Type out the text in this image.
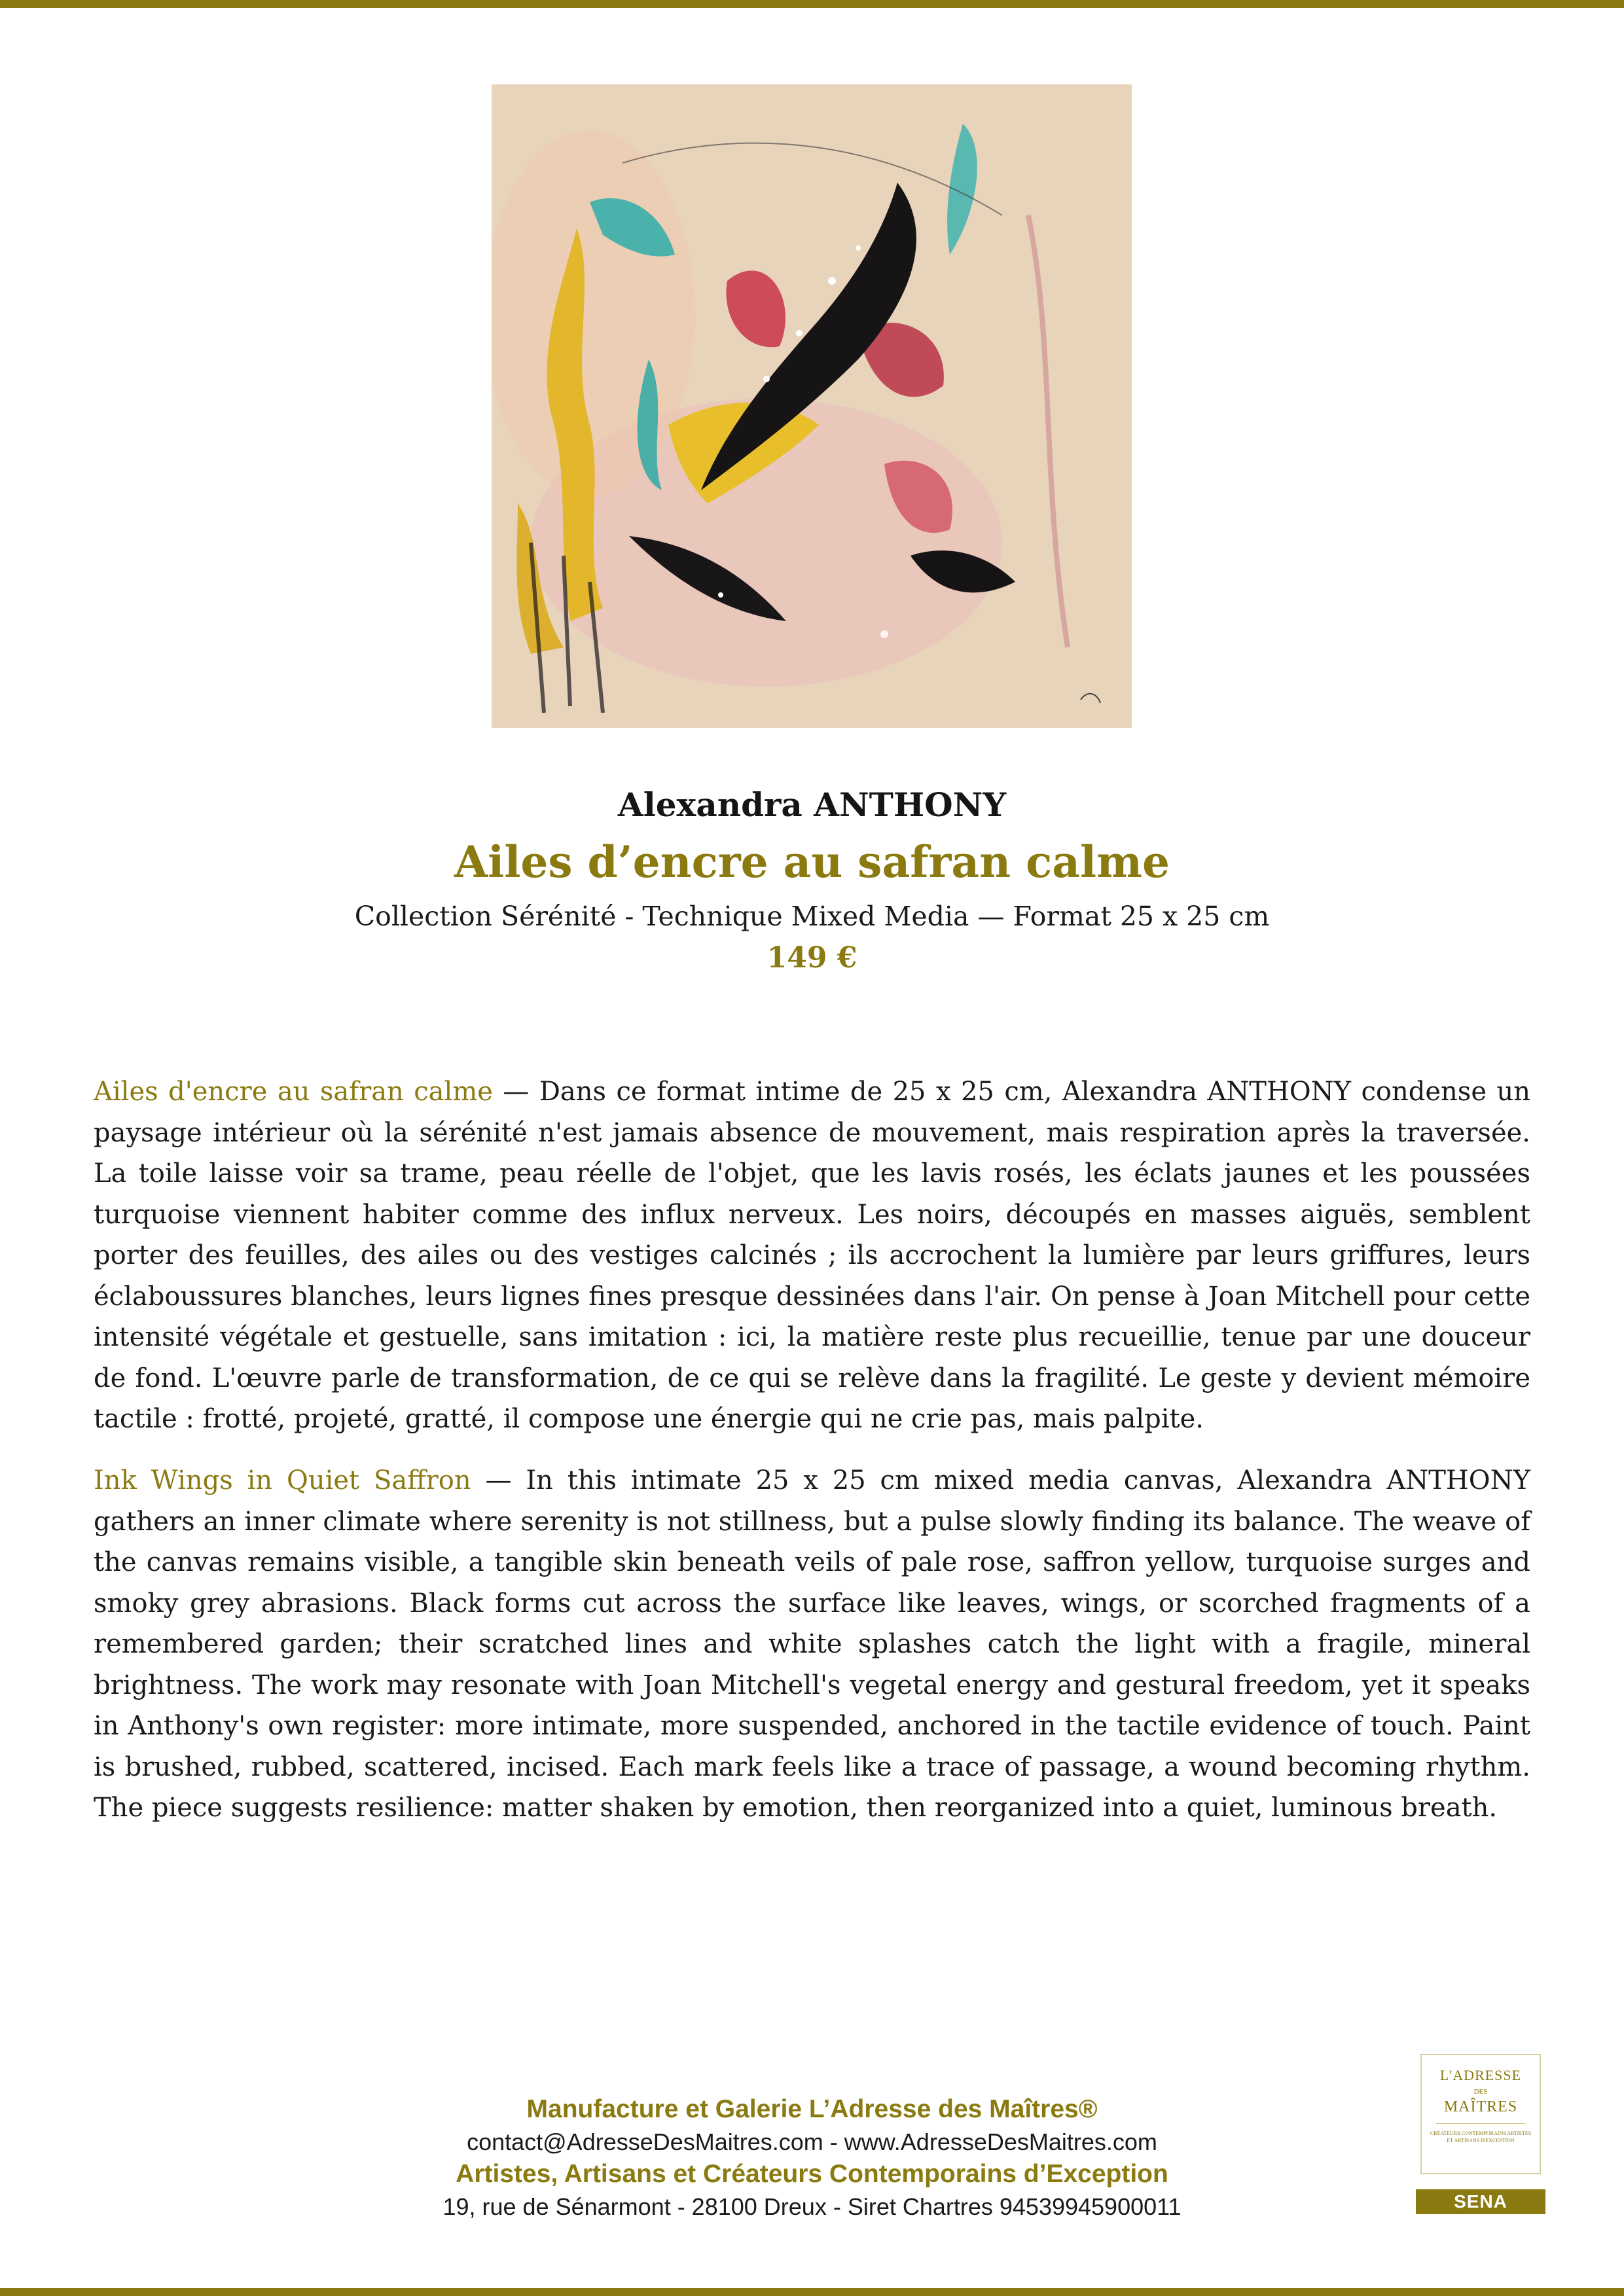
Alexandra ANTHONY
Ailes d’encre au safran calme
Collection Sérénité - Technique Mixed Media — Format 25 x 25 cm
149 €

Ailes d'encre au safran calme — Dans ce format intime de 25 x 25 cm, Alexandra ANTHONY condense un paysage intérieur où la sérénité n'est jamais absence de mouvement, mais respiration après la traversée. La toile laisse voir sa trame, peau réelle de l'objet, que les lavis rosés, les éclats jaunes et les poussées turquoise viennent habiter comme des influx nerveux. Les noirs, découpés en masses aiguës, semblent porter des feuilles, des ailes ou des vestiges calcinés ; ils accrochent la lumière par leurs griffures, leurs éclaboussures blanches, leurs lignes fines presque dessinées dans l'air. On pense à Joan Mitchell pour cette intensité végétale et gestuelle, sans imitation : ici, la matière reste plus recueillie, tenue par une douceur de fond. L'œuvre parle de transformation, de ce qui se relève dans la fragilité. Le geste y devient mémoire tactile : frotté, projeté, gratté, il compose une énergie qui ne crie pas, mais palpite.

Ink Wings in Quiet Saffron — In this intimate 25 x 25 cm mixed media canvas, Alexandra ANTHONY gathers an inner climate where serenity is not stillness, but a pulse slowly finding its balance. The weave of the canvas remains visible, a tangible skin beneath veils of pale rose, saffron yellow, turquoise surges and smoky grey abrasions. Black forms cut across the surface like leaves, wings, or scorched fragments of a remembered garden; their scratched lines and white splashes catch the light with a fragile, mineral brightness. The work may resonate with Joan Mitchell's vegetal energy and gestural freedom, yet it speaks in Anthony's own register: more intimate, more suspended, anchored in the tactile evidence of touch. Paint is brushed, rubbed, scattered, incised. Each mark feels like a trace of passage, a wound becoming rhythm. The piece suggests resilience: matter shaken by emotion, then reorganized into a quiet, luminous breath.

Manufacture et Galerie L’Adresse des Maîtres®
contact@AdresseDesMaitres.com - www.AdresseDesMaitres.com
Artistes, Artisans et Créateurs Contemporains d’Exception
19, rue de Sénarmont - 28100 Dreux - Siret Chartres 94539945900011
L'ADRESSE
DES
MAÎTRES
CRÉATEURS CONTEMPORAINS ARTISTES ET ARTISANS D'EXCEPTION
SENA
